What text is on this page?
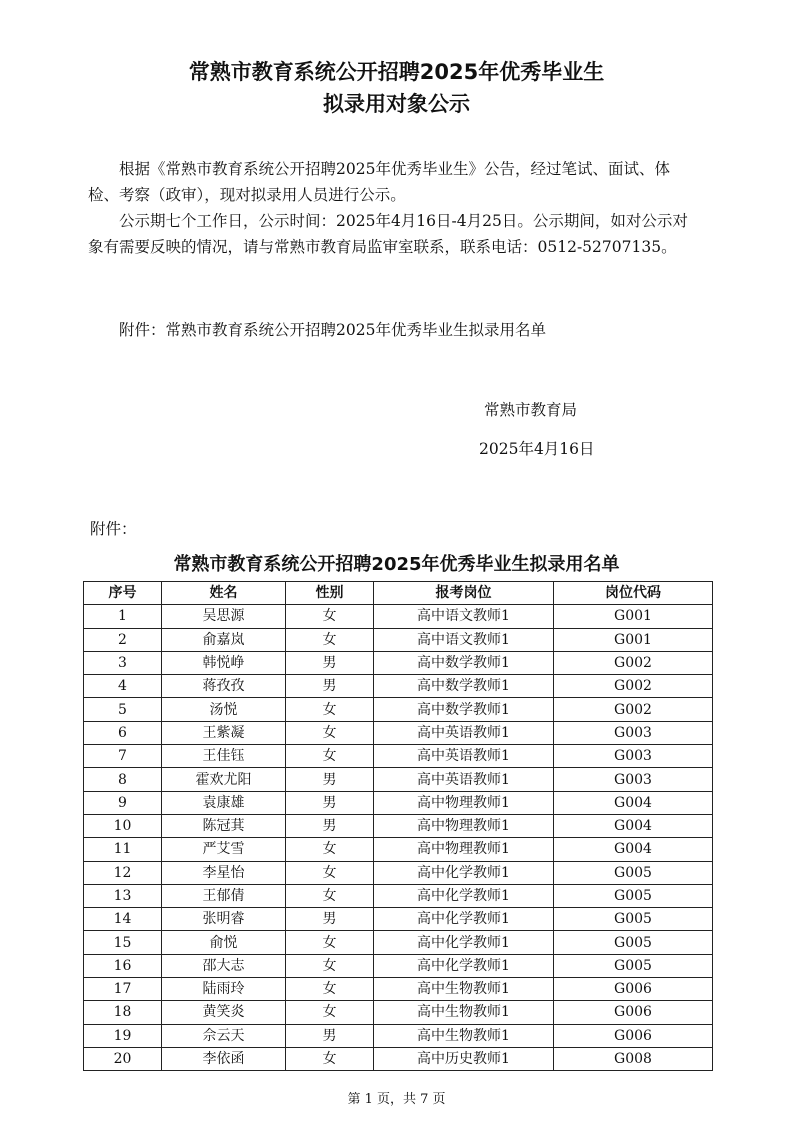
常熟市教育系统公开招聘2025年优秀毕业生
拟录用对象公示
根据《常熟市教育系统公开招聘2025年优秀毕业生》公告，经过笔试、面试、体检、考察（政审），现对拟录用人员进行公示。
公示期七个工作日，公示时间：2025年4月16日-4月25日。公示期间，如对公示对象有需要反映的情况，请与常熟市教育局监审室联系，联系电话：0512-52707135。
附件：常熟市教育系统公开招聘2025年优秀毕业生拟录用名单
常熟市教育局
2025年4月16日
附件：
常熟市教育系统公开招聘2025年优秀毕业生拟录用名单
序号	姓名	性别	报考岗位	岗位代码
1	吴思源	女	高中语文教师1	G001
2	俞嘉岚	女	高中语文教师1	G001
3	韩悦峥	男	高中数学教师1	G002
4	蒋孜孜	男	高中数学教师1	G002
5	汤悦	女	高中数学教师1	G002
6	王紫凝	女	高中英语教师1	G003
7	王佳钰	女	高中英语教师1	G003
8	霍欢尤阳	男	高中英语教师1	G003
9	袁康雄	男	高中物理教师1	G004
10	陈冠萁	男	高中物理教师1	G004
11	严艾雪	女	高中物理教师1	G004
12	李星怡	女	高中化学教师1	G005
13	王郁倩	女	高中化学教师1	G005
14	张明睿	男	高中化学教师1	G005
15	俞悦	女	高中化学教师1	G005
16	邵大志	女	高中化学教师1	G005
17	陆雨玲	女	高中生物教师1	G006
18	黄笑炎	女	高中生物教师1	G006
19	佘云天	男	高中生物教师1	G006
20	李依函	女	高中历史教师1	G008
第 1 页，共 7 页
